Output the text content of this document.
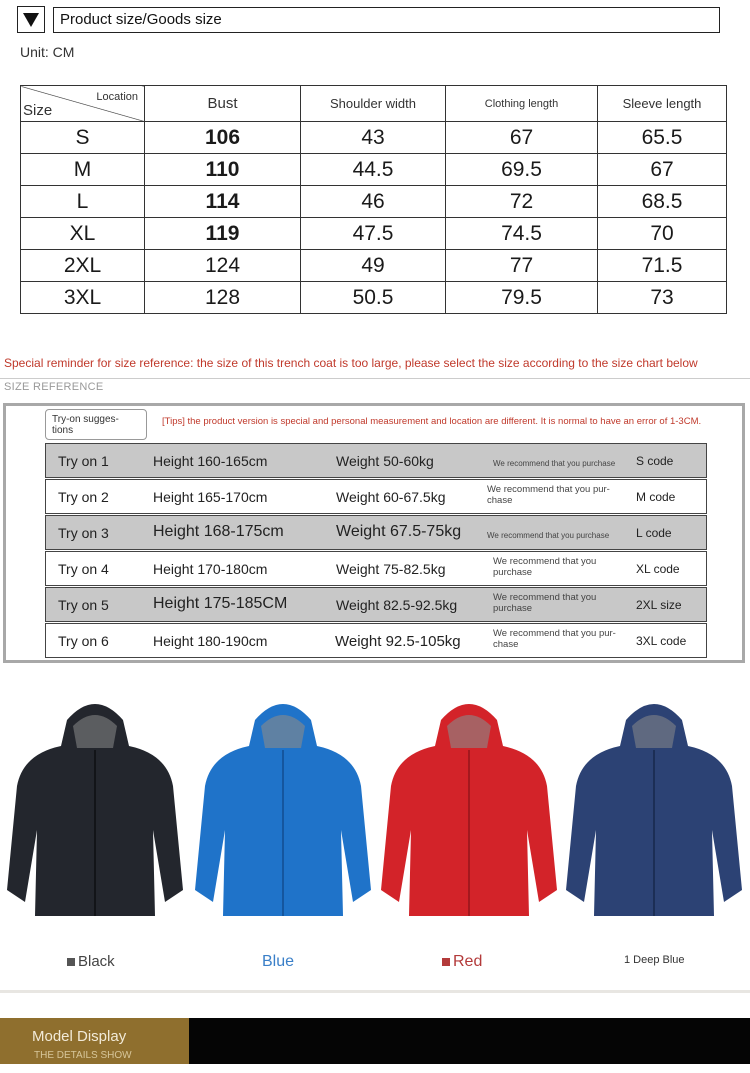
Product size/Goods size
Unit: CM
Location
Size	Bust	Shoulder width	Clothing length	Sleeve length
S	106	43	67	65.5
M	110	44.5	69.5	67
L	114	46	72	68.5
XL	119	47.5	74.5	70
2XL	124	49	77	71.5
3XL	128	50.5	79.5	73
Special reminder for size reference: the size of this trench coat is too large, please select the size according to the size chart below
SIZE REFERENCE
Try-on sugges- tions
[Tips] the product version is special and personal measurement and location are different. It is normal to have an error of 1-3CM.
Try on 1	Height 160-165cm	Weight 50-60kg	We recommend that you purchase	S code
Try on 2	Height 165-170cm	Weight 60-67.5kg	We recommend that you pur- chase	M code
Try on 3	Height 168-175cm	Weight 67.5-75kg	We recommend that you purchase	L code
Try on 4	Height 170-180cm	Weight 75-82.5kg	We recommend that you purchase	XL code
Try on 5	Height 175-185CM	Weight 82.5-92.5kg	We recommend that you purchase	2XL size
Try on 6	Height 180-190cm	Weight 92.5-105kg	We recommend that you pur- chase	3XL code
Black	Blue	Red	1 Deep Blue
Model Display
THE DETAILS SHOW
